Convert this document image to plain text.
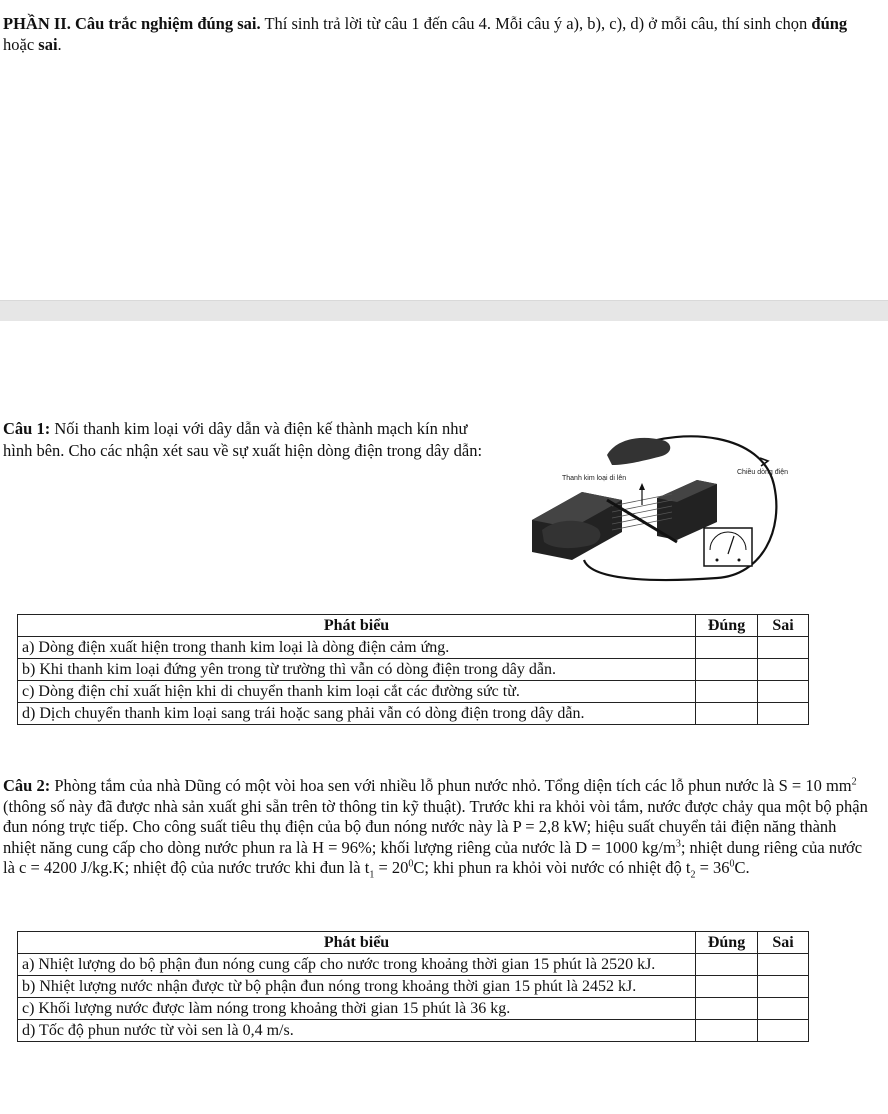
PHẦN II. Câu trắc nghiệm đúng sai. Thí sinh trả lời từ câu 1 đến câu 4. Mỗi câu ý a), b), c), d) ở mỗi câu, thí sinh chọn đúng hoặc sai.
Câu 1: Nối thanh kim loại với dây dẫn và điện kế thành mạch kín như hình bên. Cho các nhận xét sau về sự xuất hiện dòng điện trong dây dẫn:
Thanh kim loại di lên
Chiều dòng điện
Phát biểu	Đúng	Sai
a) Dòng điện xuất hiện trong thanh kim loại là dòng điện cảm ứng.		
b) Khi thanh kim loại đứng yên trong từ trường thì vẫn có dòng điện trong dây dẫn.		
c) Dòng điện chỉ xuất hiện khi di chuyển thanh kim loại cắt các đường sức từ.		
d) Dịch chuyển thanh kim loại sang trái hoặc sang phải vẫn có dòng điện trong dây dẫn.		
Câu 2: Phòng tắm của nhà Dũng có một vòi hoa sen với nhiều lỗ phun nước nhỏ. Tổng diện tích các lỗ phun nước là S = 10 $mm^2$ (thông số này đã được nhà sản xuất ghi sẵn trên tờ thông tin kỹ thuật). Trước khi ra khỏi vòi tắm, nước được chảy qua một bộ phận đun nóng trực tiếp. Cho công suất tiêu thụ điện của bộ đun nóng nước này là P = 2,8 kW; hiệu suất chuyển tải điện năng thành nhiệt năng cung cấp cho dòng nước phun ra là H = 96%; khối lượng riêng của nước là D = 1000 $kg/m^3$; nhiệt dung riêng của nước là c = 4200 J/kg.K; nhiệt độ của nước trước khi đun là $t_1 = 20^0C$; khi phun ra khỏi vòi nước có nhiệt độ $t_2 = 36^0C$.
Phát biểu	Đúng	Sai
a) Nhiệt lượng do bộ phận đun nóng cung cấp cho nước trong khoảng thời gian 15 phút là 2520 kJ.		
b) Nhiệt lượng nước nhận được từ bộ phận đun nóng trong khoảng thời gian 15 phút là 2452 kJ.		
c) Khối lượng nước được làm nóng trong khoảng thời gian 15 phút là 36 kg.		
d) Tốc độ phun nước từ vòi sen là 0,4 m/s.		
